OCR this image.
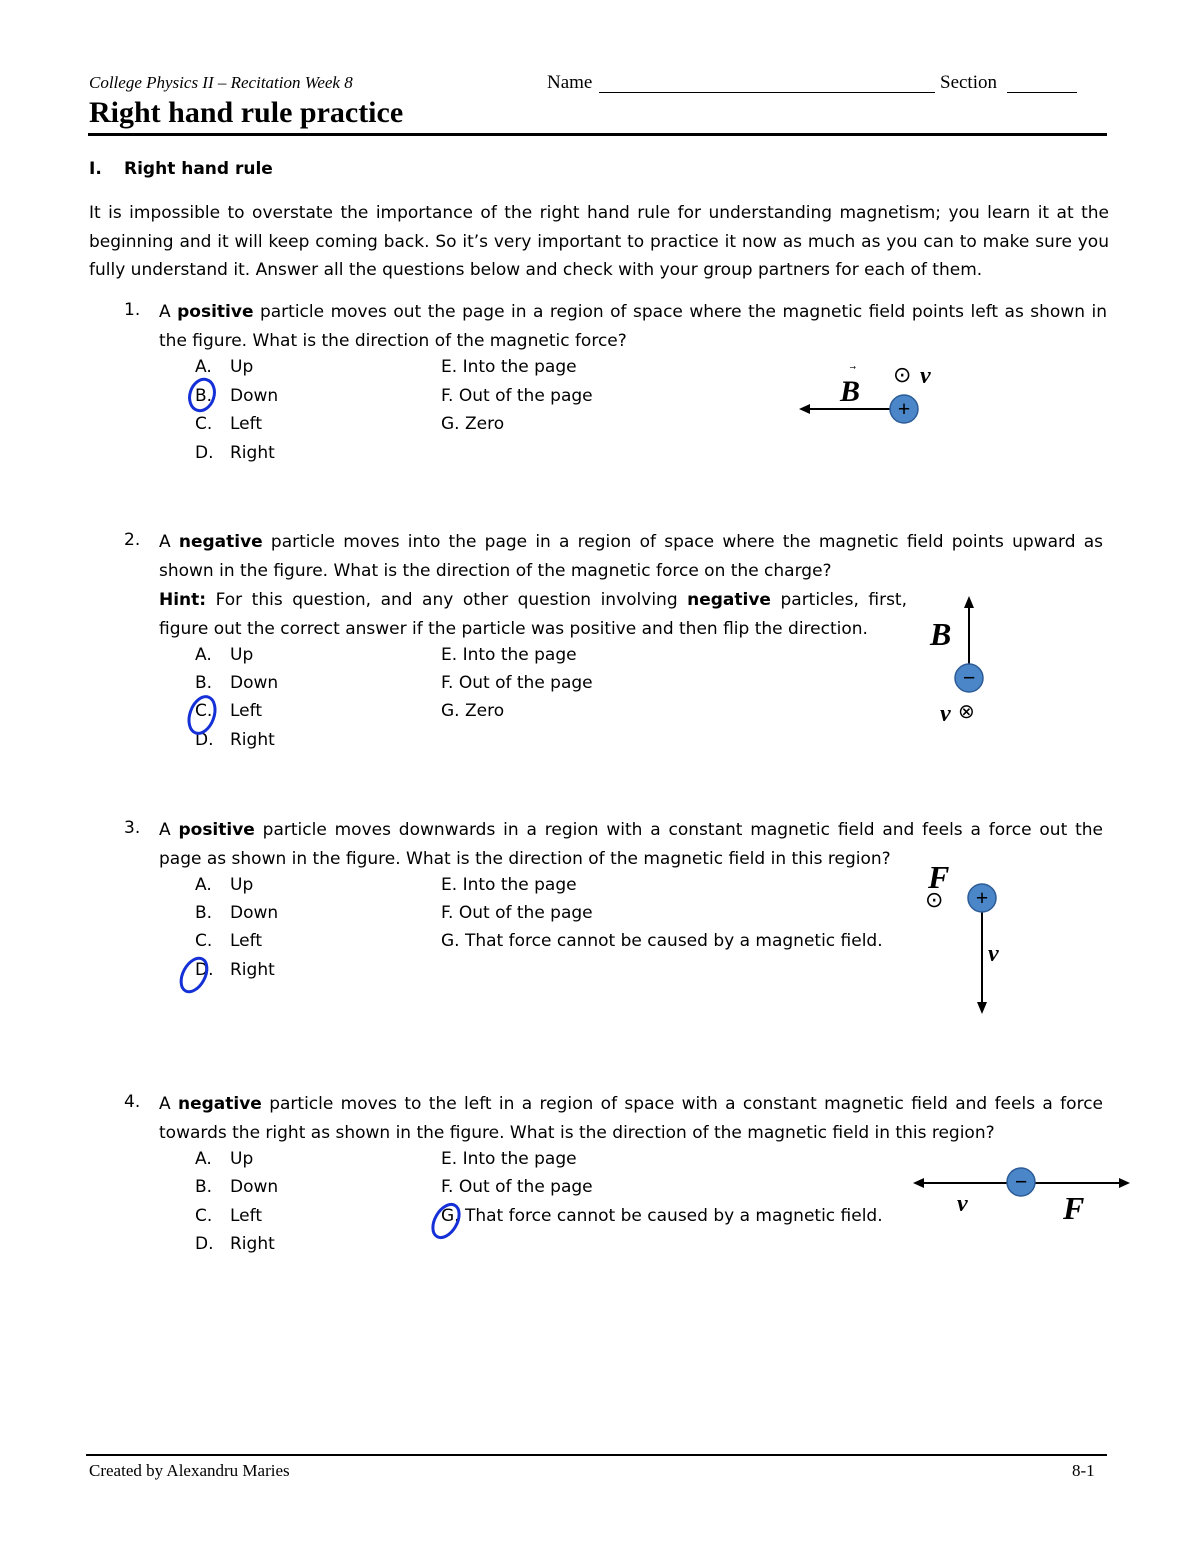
College Physics II – Recitation Week 8	Name	Section
Right hand rule practice
I. Right hand rule
It is impossible to overstate the importance of the right hand rule for understanding magnetism; you learn it at the beginning and it will keep coming back. So it’s very important to practice it now as much as you can to make sure you fully understand it. Answer all the questions below and check with your group partners for each of them.
1. A positive particle moves out the page in a region of space where the magnetic field points left as shown in the figure. What is the direction of the magnetic force?
A. Up
B. Down
C. Left
D. Right
E. Into the page
F. Out of the page
G. Zero
B
⊙ v
+
2. A negative particle moves into the page in a region of space where the magnetic field points upward as shown in the figure. What is the direction of the magnetic force on the charge?
Hint: For this question, and any other question involving negative particles, first, figure out the correct answer if the particle was positive and then flip the direction.
A. Up
B. Down
C. Left
D. Right
E. Into the page
F. Out of the page
G. Zero
B
−
v ⊗
3. A positive particle moves downwards in a region with a constant magnetic field and feels a force out the page as shown in the figure. What is the direction of the magnetic field in this region?
A. Up
B. Down
C. Left
D. Right
E. Into the page
F. Out of the page
G. That force cannot be caused by a magnetic field.
F
⊙ +
v
4. A negative particle moves to the left in a region of space with a constant magnetic field and feels a force towards the right as shown in the figure. What is the direction of the magnetic field in this region?
A. Up
B. Down
C. Left
D. Right
E. Into the page
F. Out of the page
G. That force cannot be caused by a magnetic field.
−
v	F
Created by Alexandru Maries	8-1
